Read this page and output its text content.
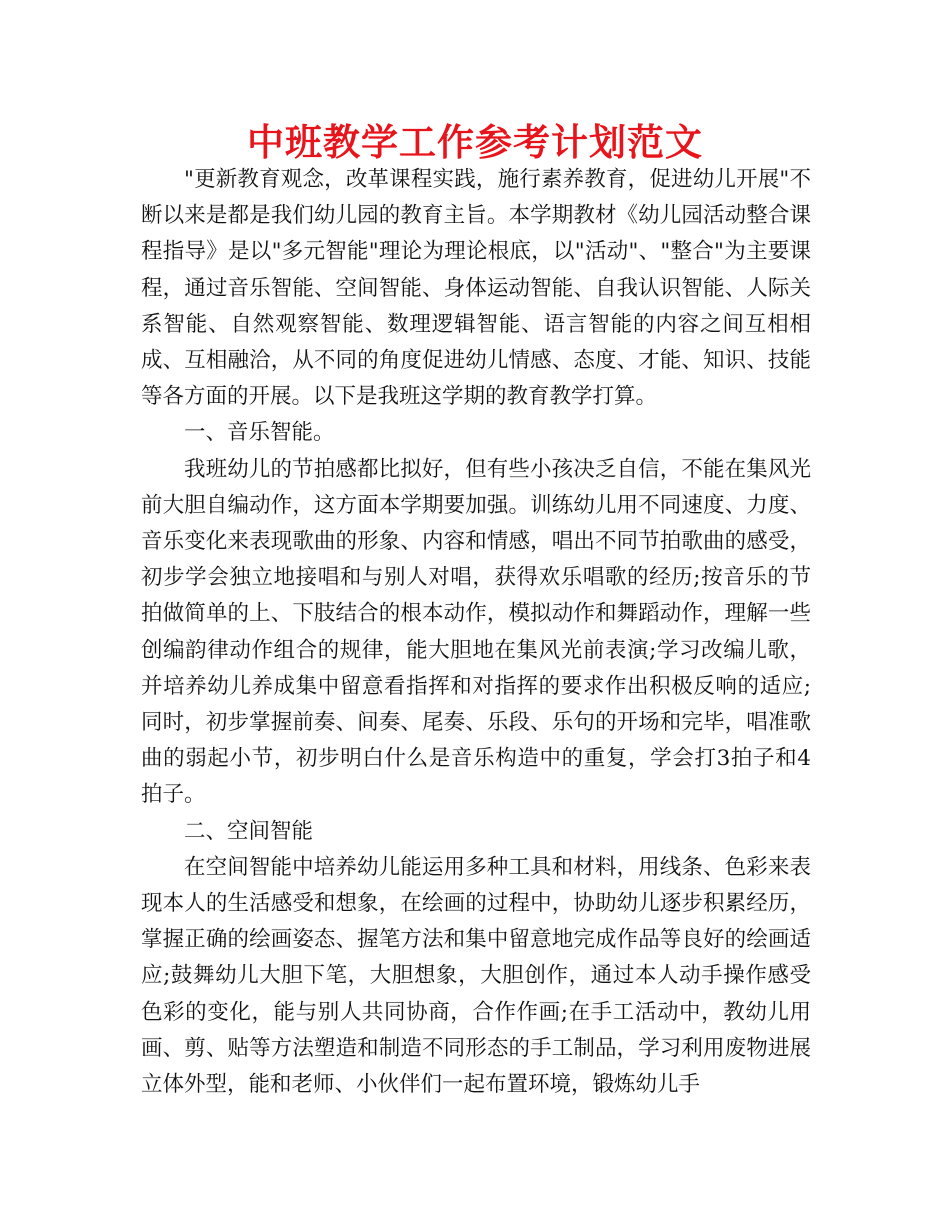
中班教学工作参考计划范文

"更新教育观念，改革课程实践，施行素养教育，促进幼儿开展"不断以来是都是我们幼儿园的教育主旨。本学期教材《幼儿园活动整合课程指导》是以"多元智能"理论为理论根底，以"活动"、"整合"为主要课程，通过音乐智能、空间智能、身体运动智能、自我认识智能、人际关系智能、自然观察智能、数理逻辑智能、语言智能的内容之间互相相成、互相融洽，从不同的角度促进幼儿情感、态度、才能、知识、技能等各方面的开展。以下是我班这学期的教育教学打算。

一、音乐智能。

我班幼儿的节拍感都比拟好，但有些小孩决乏自信，不能在集风光前大胆自编动作，这方面本学期要加强。训练幼儿用不同速度、力度、音乐变化来表现歌曲的形象、内容和情感，唱出不同节拍歌曲的感受，初步学会独立地接唱和与别人对唱，获得欢乐唱歌的经历;按音乐的节拍做简单的上、下肢结合的根本动作，模拟动作和舞蹈动作，理解一些创编韵律动作组合的规律，能大胆地在集风光前表演;学习改编儿歌，并培养幼儿养成集中留意看指挥和对指挥的要求作出积极反响的适应;同时，初步掌握前奏、间奏、尾奏、乐段、乐句的开场和完毕，唱准歌曲的弱起小节，初步明白什么是音乐构造中的重复，学会打3拍子和4拍子。

二、空间智能

在空间智能中培养幼儿能运用多种工具和材料，用线条、色彩来表现本人的生活感受和想象，在绘画的过程中，协助幼儿逐步积累经历，掌握正确的绘画姿态、握笔方法和集中留意地完成作品等良好的绘画适应;鼓舞幼儿大胆下笔，大胆想象，大胆创作，通过本人动手操作感受色彩的变化，能与别人共同协商，合作作画;在手工活动中，教幼儿用画、剪、贴等方法塑造和制造不同形态的手工制品，学习利用废物进展立体外型，能和老师、小伙伴们一起布置环境，锻炼幼儿手
